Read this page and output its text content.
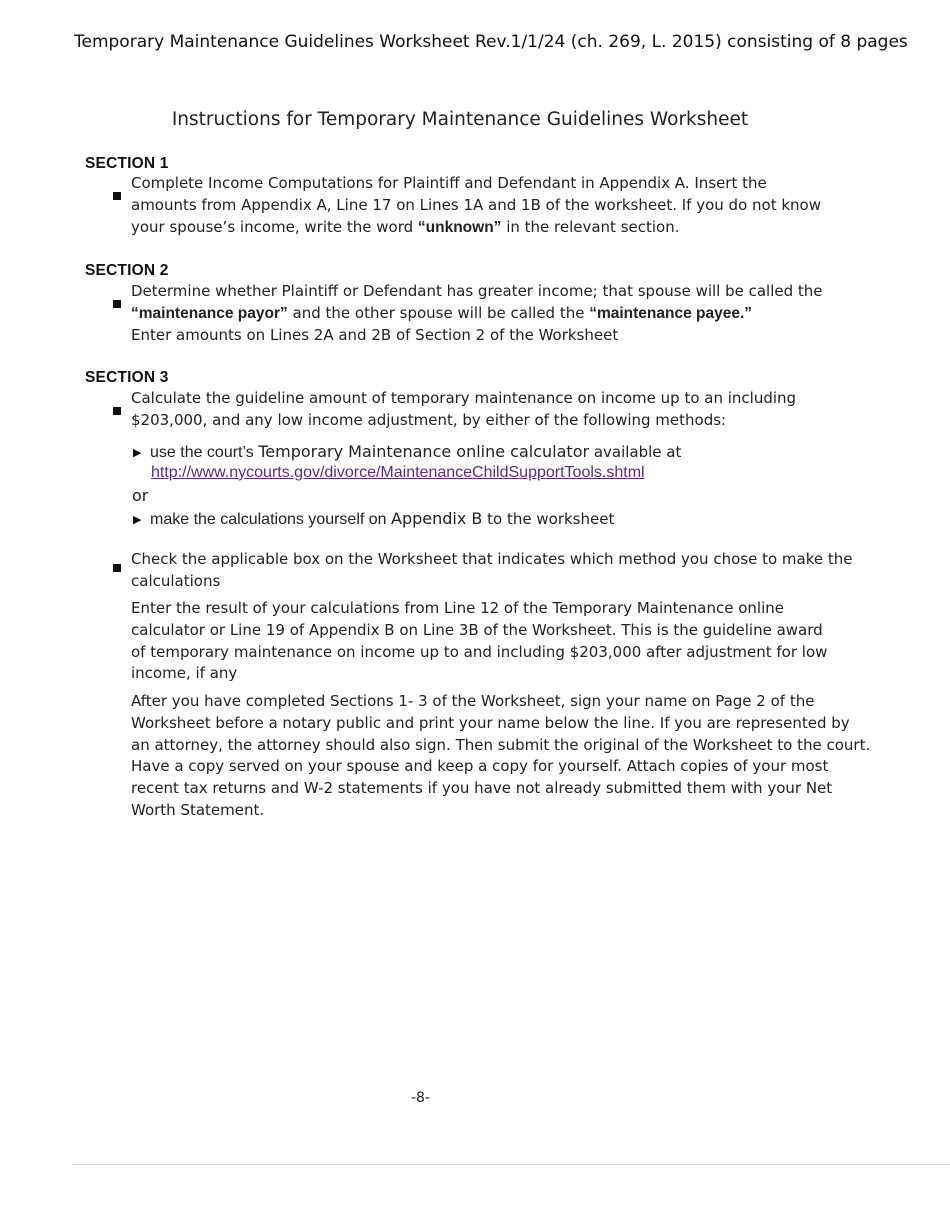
Temporary Maintenance Guidelines Worksheet Rev.1/1/24 (ch. 269, L. 2015) consisting of 8 pages
Instructions for Temporary Maintenance Guidelines Worksheet
SECTION 1
Complete Income Computations for Plaintiff and Defendant in Appendix A. Insert the
amounts from Appendix A, Line 17 on Lines 1A and 1B of the worksheet. If you do not know
your spouse’s income, write the word “unknown” in the relevant section.
SECTION 2
Determine whether Plaintiff or Defendant has greater income; that spouse will be called the
“maintenance payor” and the other spouse will be called the “maintenance payee.”
Enter amounts on Lines 2A and 2B of Section 2 of the Worksheet
SECTION 3
Calculate the guideline amount of temporary maintenance on income up to an including
$203,000, and any low income adjustment, by either of the following methods:
▶ use the court’s Temporary Maintenance online calculator available at
http://www.nycourts.gov/divorce/MaintenanceChildSupportTools.shtml
or
▶ make the calculations yourself on Appendix B to the worksheet
Check the applicable box on the Worksheet that indicates which method you chose to make the
calculations
Enter the result of your calculations from Line 12 of the Temporary Maintenance online
calculator or Line 19 of Appendix B on Line 3B of the Worksheet. This is the guideline award
of temporary maintenance on income up to and including $203,000 after adjustment for low
income, if any
After you have completed Sections 1- 3 of the Worksheet, sign your name on Page 2 of the
Worksheet before a notary public and print your name below the line. If you are represented by
an attorney, the attorney should also sign. Then submit the original of the Worksheet to the court.
Have a copy served on your spouse and keep a copy for yourself. Attach copies of your most
recent tax returns and W-2 statements if you have not already submitted them with your Net
Worth Statement.
-8-
